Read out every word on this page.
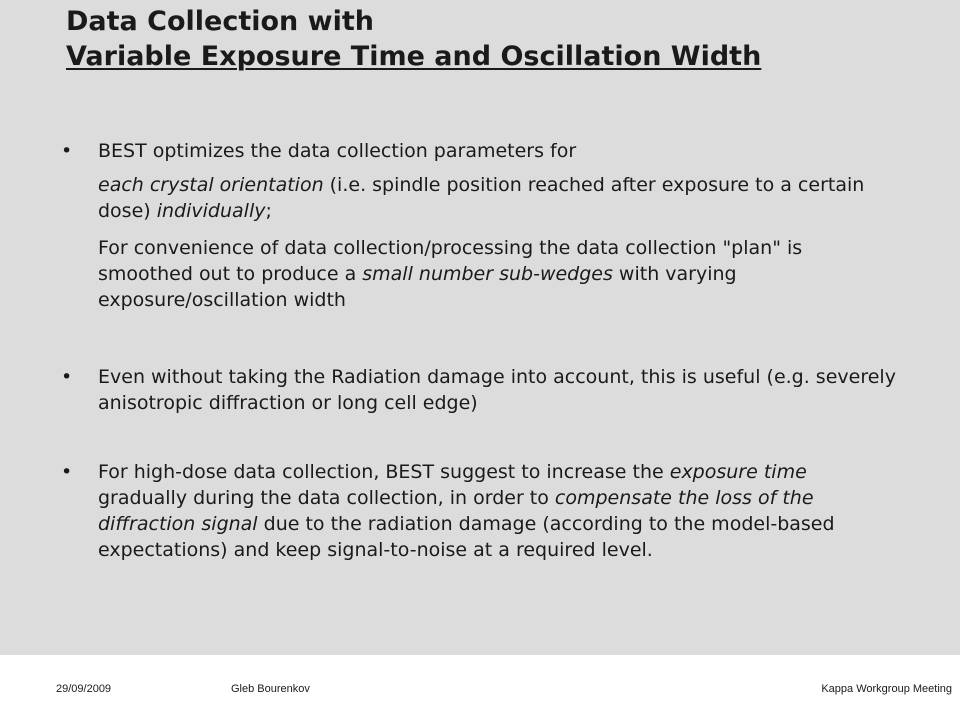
Data Collection with
Variable Exposure Time and Oscillation Width
• BEST optimizes the data collection parameters for
each crystal orientation (i.e. spindle position reached after exposure to a certain dose) individually;
For convenience of data collection/processing the data collection "plan" is smoothed out to produce a small number sub-wedges with varying exposure/oscillation width
• Even without taking the Radiation damage into account, this is useful (e.g. severely anisotropic diffraction or long cell edge)
• For high-dose data collection, BEST suggest to increase the exposure time gradually during the data collection, in order to compensate the loss of the diffraction signal due to the radiation damage (according to the model-based expectations) and keep signal-to-noise at a required level.
29/09/2009	Gleb Bourenkov	Kappa Workgroup Meeting
